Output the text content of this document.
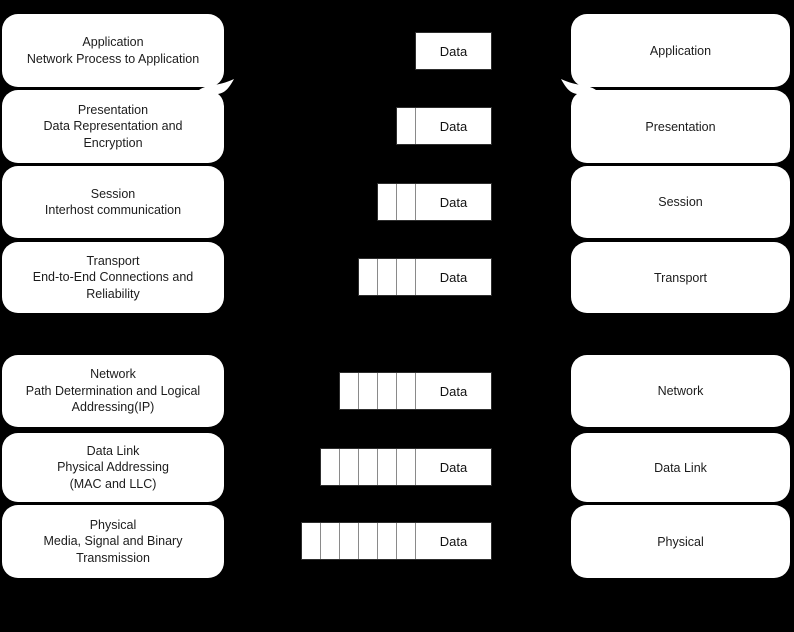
Application
Network Process to Application
Presentation
Data Representation and
Encryption
Session
Interhost communication
Transport
End-to-End Connections and
Reliability
Network
Path Determination and Logical
Addressing(IP)
Data Link
Physical Addressing
(MAC and LLC)
Physical
Media, Signal and Binary
Transmission
Data
Data
Data
Data
Data
Data
Data
Application
Presentation
Session
Transport
Network
Data Link
Physical
